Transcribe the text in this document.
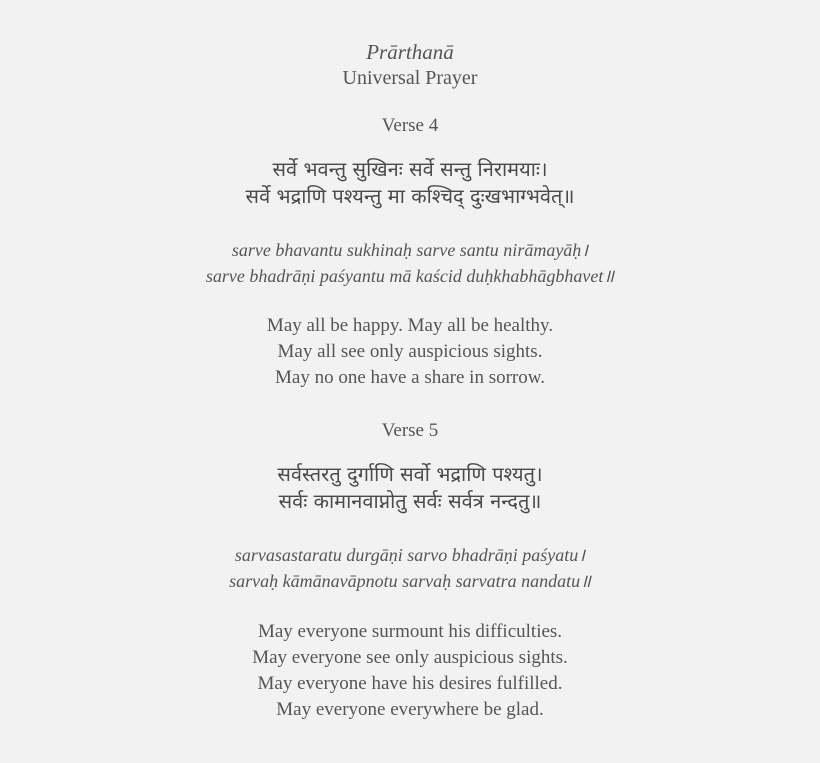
Prārthanā
Universal Prayer
Verse 4
सर्वे भवन्तु सुखिनः सर्वे सन्तु निरामयाः।
सर्वे भद्राणि पश्यन्तु मा कश्चिद् दुःखभाग्भवेत्॥
sarve bhavantu sukhinaḥ sarve santu nirāmayāḥ।
sarve bhadrāṇi paśyantu mā kaścid duḥkhabhāgbhavet॥
May all be happy. May all be healthy.
May all see only auspicious sights.
May no one have a share in sorrow.
Verse 5
सर्वस्तरतु दुर्गाणि सर्वो भद्राणि पश्यतु।
सर्वः कामानवाप्नोतु सर्वः सर्वत्र नन्दतु॥
sarvasastaratu durgāṇi sarvo bhadrāṇi paśyatu।
sarvaḥ kāmānavāpnotu sarvaḥ sarvatra nandatu॥
May everyone surmount his difficulties.
May everyone see only auspicious sights.
May everyone have his desires fulfilled.
May everyone everywhere be glad.
